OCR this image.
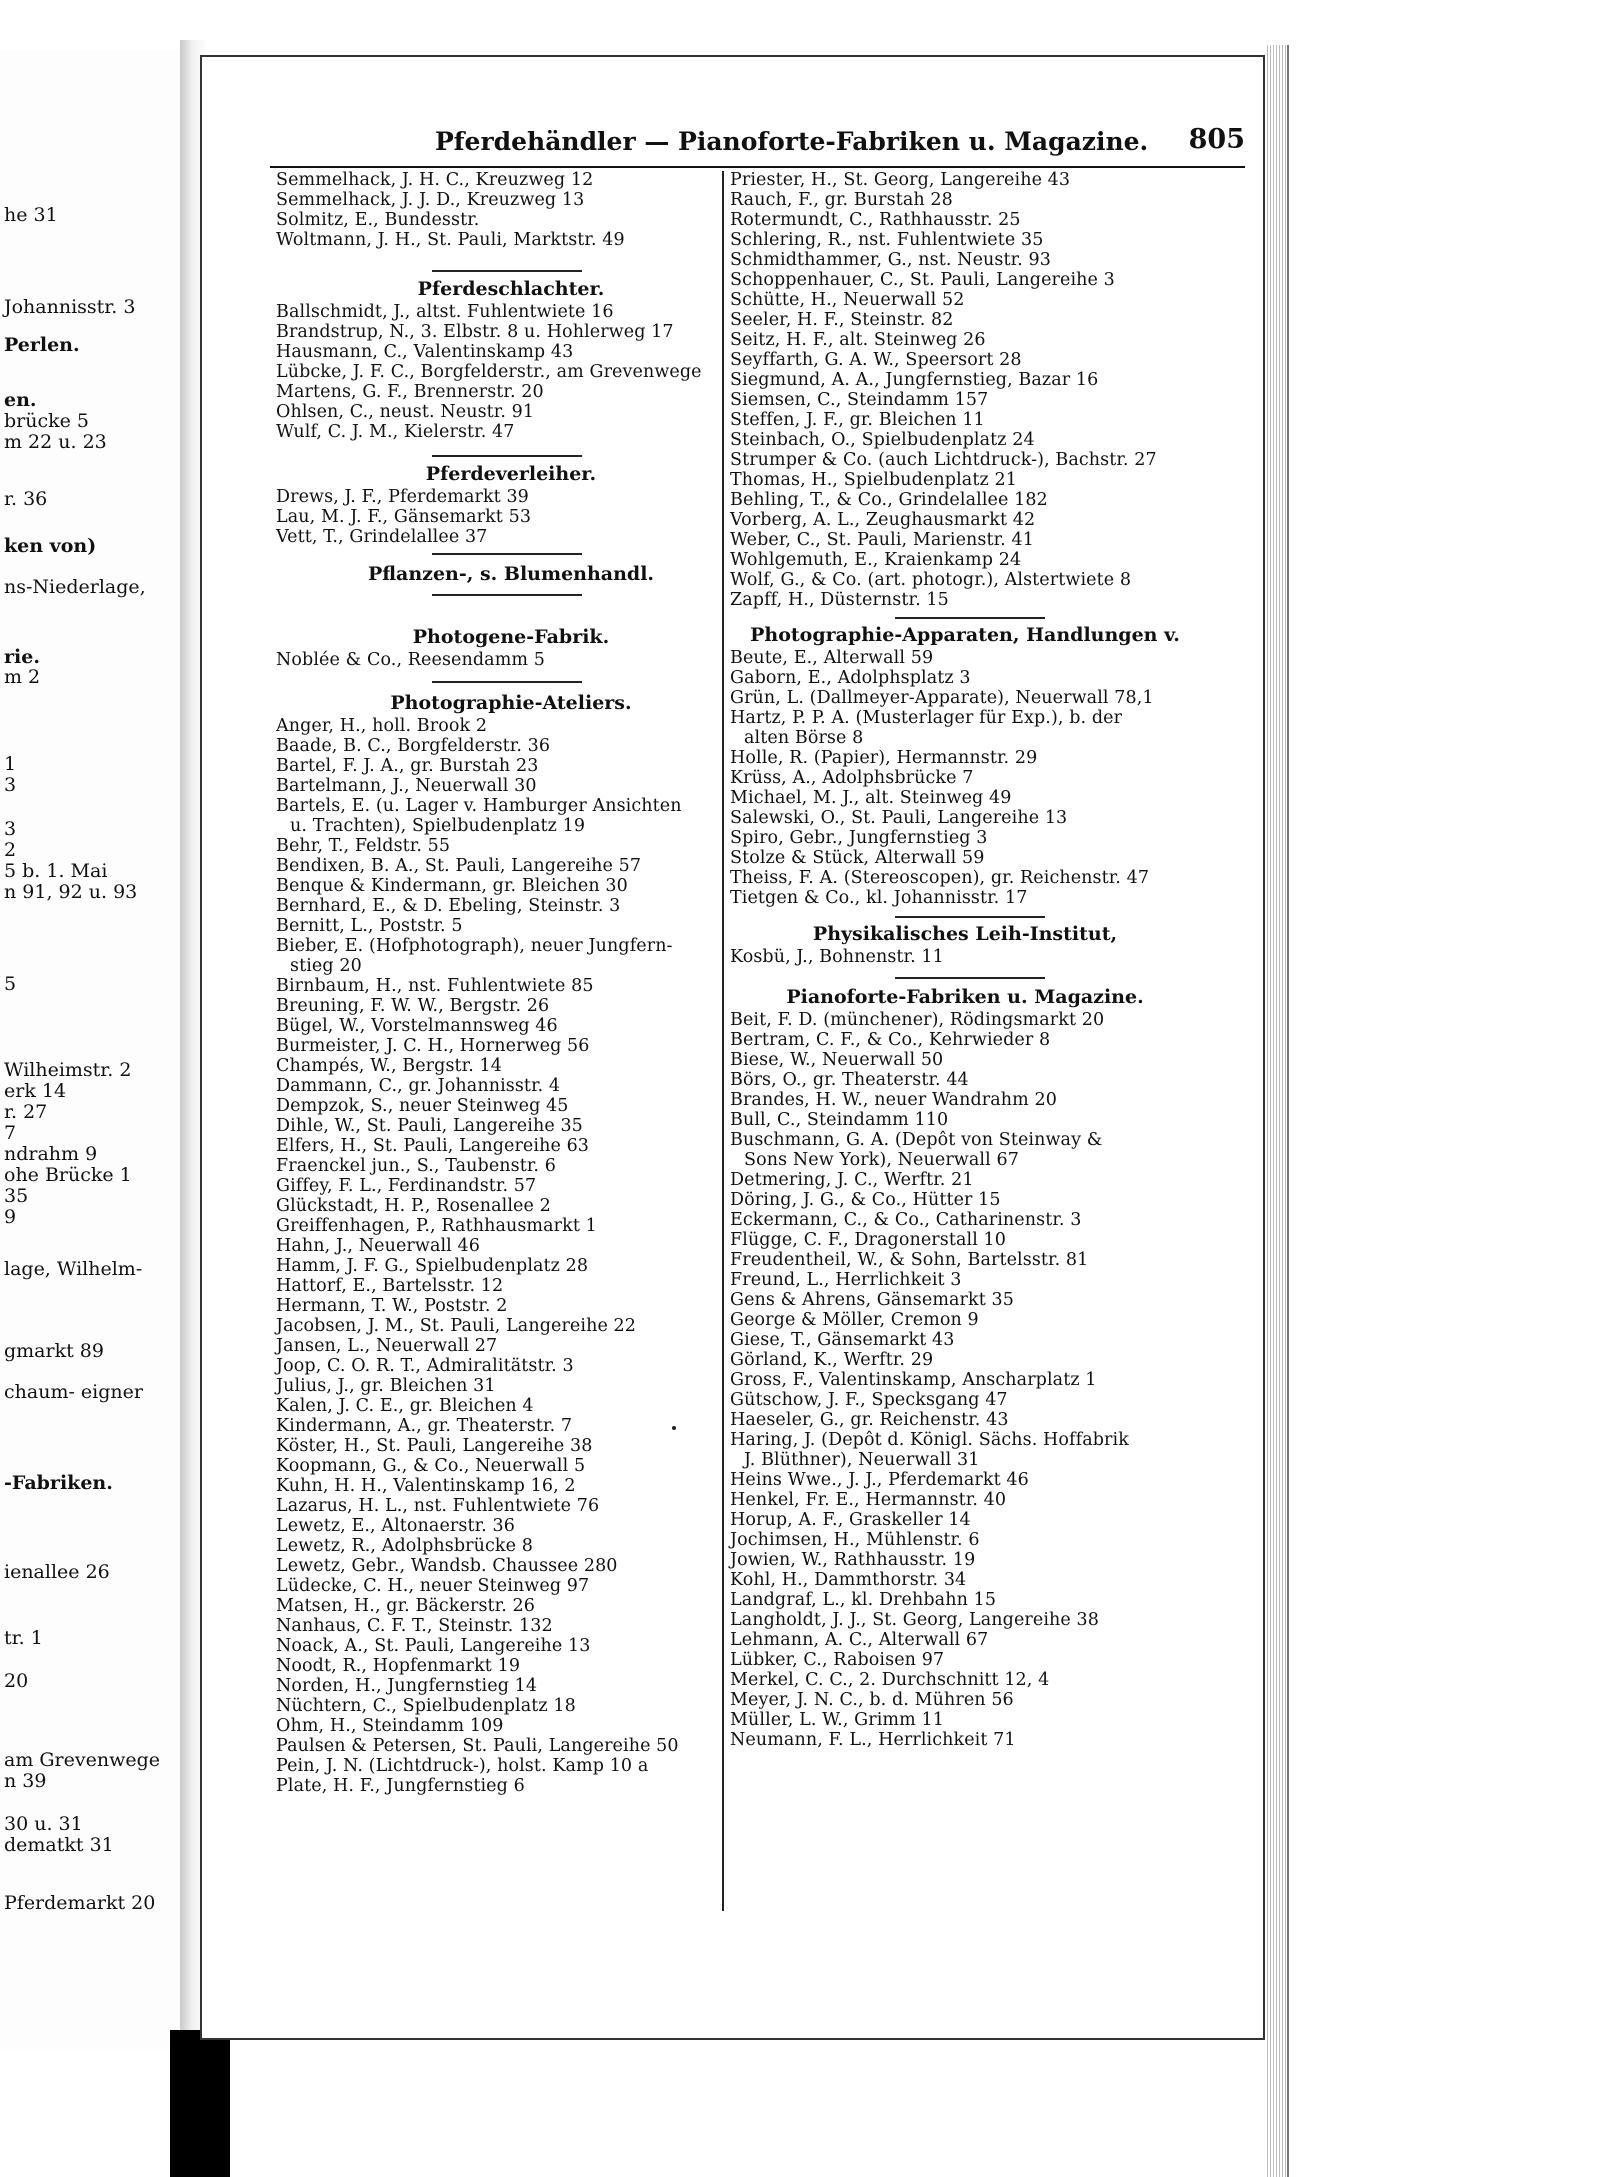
he 31
Johannisstr. 3
Perlen.
en.
brücke 5
m 22 u. 23
r. 36
ken von)
ns-Niederlage,
rie.
m 2
1
3
3
2
5 b. 1. Mai
n 91, 92 u. 93
5
Wilheimstr. 2
erk 14
r. 27
7
ndrahm 9
ohe Brücke 1
35
9
lage, Wilhelm-
gmarkt 89
chaum- eigner
-Fabriken.
ienallee 26
tr. 1
20
am Grevenwege
n 39
30 u. 31
dematkt 31
Pferdemarkt 20
Pferdehändler — Pianoforte-Fabriken u. Magazine. 805
Semmelhack, J. H. C., Kreuzweg 12
Semmelhack, J. J. D., Kreuzweg 13
Solmitz, E., Bundesstr.
Woltmann, J. H., St. Pauli, Marktstr. 49
Pferdeschlachter.
Ballschmidt, J., altst. Fuhlentwiete 16
Brandstrup, N., 3. Elbstr. 8 u. Hohlerweg 17
Hausmann, C., Valentinskamp 43
Lübcke, J. F. C., Borgfelderstr., am Grevenwege
Martens, G. F., Brennerstr. 20
Ohlsen, C., neust. Neustr. 91
Wulf, C. J. M., Kielerstr. 47
Pferdeverleiher.
Drews, J. F., Pferdemarkt 39
Lau, M. J. F., Gänsemarkt 53
Vett, T., Grindelallee 37
Pflanzen-, s. Blumenhandl.
Photogene-Fabrik.
Noblée & Co., Reesendamm 5
Photographie-Ateliers.
Anger, H., holl. Brook 2
Baade, B. C., Borgfelderstr. 36
Bartel, F. J. A., gr. Burstah 23
Bartelmann, J., Neuerwall 30
Bartels, E. (u. Lager v. Hamburger Ansichten
u. Trachten), Spielbudenplatz 19
Behr, T., Feldstr. 55
Bendixen, B. A., St. Pauli, Langereihe 57
Benque & Kindermann, gr. Bleichen 30
Bernhard, E., & D. Ebeling, Steinstr. 3
Bernitt, L., Poststr. 5
Bieber, E. (Hofphotograph), neuer Jungfern-
stieg 20
Birnbaum, H., nst. Fuhlentwiete 85
Breuning, F. W. W., Bergstr. 26
Bügel, W., Vorstelmannsweg 46
Burmeister, J. C. H., Hornerweg 56
Champés, W., Bergstr. 14
Dammann, C., gr. Johannisstr. 4
Dempzok, S., neuer Steinweg 45
Dihle, W., St. Pauli, Langereihe 35
Elfers, H., St. Pauli, Langereihe 63
Fraenckel jun., S., Taubenstr. 6
Giffey, F. L., Ferdinandstr. 57
Glückstadt, H. P., Rosenallee 2
Greiffenhagen, P., Rathhausmarkt 1
Hahn, J., Neuerwall 46
Hamm, J. F. G., Spielbudenplatz 28
Hattorf, E., Bartelsstr. 12
Hermann, T. W., Poststr. 2
Jacobsen, J. M., St. Pauli, Langereihe 22
Jansen, L., Neuerwall 27
Joop, C. O. R. T., Admiralitätstr. 3
Julius, J., gr. Bleichen 31
Kalen, J. C. E., gr. Bleichen 4
Kindermann, A., gr. Theaterstr. 7
Köster, H., St. Pauli, Langereihe 38
Koopmann, G., & Co., Neuerwall 5
Kuhn, H. H., Valentinskamp 16, 2
Lazarus, H. L., nst. Fuhlentwiete 76
Lewetz, E., Altonaerstr. 36
Lewetz, R., Adolphsbrücke 8
Lewetz, Gebr., Wandsb. Chaussee 280
Lüdecke, C. H., neuer Steinweg 97
Matsen, H., gr. Bäckerstr. 26
Nanhaus, C. F. T., Steinstr. 132
Noack, A., St. Pauli, Langereihe 13
Noodt, R., Hopfenmarkt 19
Norden, H., Jungfernstieg 14
Nüchtern, C., Spielbudenplatz 18
Ohm, H., Steindamm 109
Paulsen & Petersen, St. Pauli, Langereihe 50
Pein, J. N. (Lichtdruck-), holst. Kamp 10 a
Plate, H. F., Jungfernstieg 6
Priester, H., St. Georg, Langereihe 43
Rauch, F., gr. Burstah 28
Rotermundt, C., Rathhausstr. 25
Schlering, R., nst. Fuhlentwiete 35
Schmidthammer, G., nst. Neustr. 93
Schoppenhauer, C., St. Pauli, Langereihe 3
Schütte, H., Neuerwall 52
Seeler, H. F., Steinstr. 82
Seitz, H. F., alt. Steinweg 26
Seyffarth, G. A. W., Speersort 28
Siegmund, A. A., Jungfernstieg, Bazar 16
Siemsen, C., Steindamm 157
Steffen, J. F., gr. Bleichen 11
Steinbach, O., Spielbudenplatz 24
Strumper & Co. (auch Lichtdruck-), Bachstr. 27
Thomas, H., Spielbudenplatz 21
Behling, T., & Co., Grindelallee 182
Vorberg, A. L., Zeughausmarkt 42
Weber, C., St. Pauli, Marienstr. 41
Wohlgemuth, E., Kraienkamp 24
Wolf, G., & Co. (art. photogr.), Alstertwiete 8
Zapff, H., Düsternstr. 15
Photographie-Apparaten, Handlungen v.
Beute, E., Alterwall 59
Gaborn, E., Adolphsplatz 3
Grün, L. (Dallmeyer-Apparate), Neuerwall 78,1
Hartz, P. P. A. (Musterlager für Exp.), b. der
alten Börse 8
Holle, R. (Papier), Hermannstr. 29
Krüss, A., Adolphsbrücke 7
Michael, M. J., alt. Steinweg 49
Salewski, O., St. Pauli, Langereihe 13
Spiro, Gebr., Jungfernstieg 3
Stolze & Stück, Alterwall 59
Theiss, F. A. (Stereoscopen), gr. Reichenstr. 47
Tietgen & Co., kl. Johannisstr. 17
Physikalisches Leih-Institut,
Kosbü, J., Bohnenstr. 11
Pianoforte-Fabriken u. Magazine.
Beit, F. D. (münchener), Rödingsmarkt 20
Bertram, C. F., & Co., Kehrwieder 8
Biese, W., Neuerwall 50
Börs, O., gr. Theaterstr. 44
Brandes, H. W., neuer Wandrahm 20
Bull, C., Steindamm 110
Buschmann, G. A. (Depôt von Steinway &
Sons New York), Neuerwall 67
Detmering, J. C., Werftr. 21
Döring, J. G., & Co., Hütter 15
Eckermann, C., & Co., Catharinenstr. 3
Flügge, C. F., Dragonerstall 10
Freudentheil, W., & Sohn, Bartelsstr. 81
Freund, L., Herrlichkeit 3
Gens & Ahrens, Gänsemarkt 35
George & Möller, Cremon 9
Giese, T., Gänsemarkt 43
Görland, K., Werftr. 29
Gross, F., Valentinskamp, Anscharplatz 1
Gütschow, J. F., Specksgang 47
Haeseler, G., gr. Reichenstr. 43
Haring, J. (Depôt d. Königl. Sächs. Hoffabrik
J. Blüthner), Neuerwall 31
Heins Wwe., J. J., Pferdemarkt 46
Henkel, Fr. E., Hermannstr. 40
Horup, A. F., Graskeller 14
Jochimsen, H., Mühlenstr. 6
Jowien, W., Rathhausstr. 19
Kohl, H., Dammthorstr. 34
Landgraf, L., kl. Drehbahn 15
Langholdt, J. J., St. Georg, Langereihe 38
Lehmann, A. C., Alterwall 67
Lübker, C., Raboisen 97
Merkel, C. C., 2. Durchschnitt 12, 4
Meyer, J. N. C., b. d. Mühren 56
Müller, L. W., Grimm 11
Neumann, F. L., Herrlichkeit 71
